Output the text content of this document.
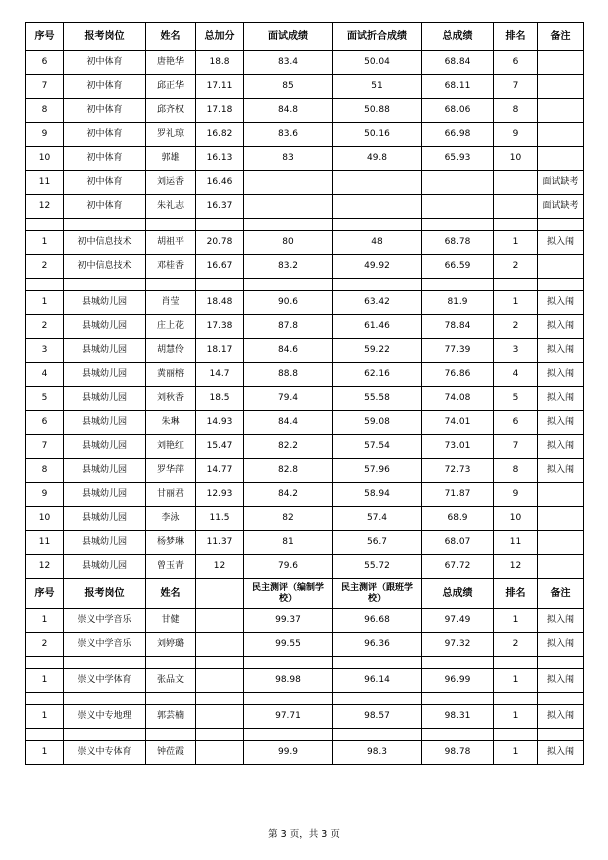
序号	报考岗位	姓名	总加分	面试成绩	面试折合成绩	总成绩	排名	备注
6	初中体育	唐艳华	18.8	83.4	50.04	68.84	6	
7	初中体育	邱正华	17.11	85	51	68.11	7	
8	初中体育	邱齐权	17.18	84.8	50.88	68.06	8	
9	初中体育	罗礼琼	16.82	83.6	50.16	66.98	9	
10	初中体育	郭雄	16.13	83	49.8	65.93	10	
11	初中体育	刘运香	16.46					面试缺考
12	初中体育	朱礼志	16.37					面试缺考

1	初中信息技术	胡祖平	20.78	80	48	68.78	1	拟入闱
2	初中信息技术	邓桂香	16.67	83.2	49.92	66.59	2	

1	县城幼儿园	肖莹	18.48	90.6	63.42	81.9	1	拟入闱
2	县城幼儿园	庄上花	17.38	87.8	61.46	78.84	2	拟入闱
3	县城幼儿园	胡慧伶	18.17	84.6	59.22	77.39	3	拟入闱
4	县城幼儿园	黄丽榕	14.7	88.8	62.16	76.86	4	拟入闱
5	县城幼儿园	刘秋香	18.5	79.4	55.58	74.08	5	拟入闱
6	县城幼儿园	朱琳	14.93	84.4	59.08	74.01	6	拟入闱
7	县城幼儿园	刘艳红	15.47	82.2	57.54	73.01	7	拟入闱
8	县城幼儿园	罗华萍	14.77	82.8	57.96	72.73	8	拟入闱
9	县城幼儿园	甘丽君	12.93	84.2	58.94	71.87	9	
10	县城幼儿园	李泳	11.5	82	57.4	68.9	10	
11	县城幼儿园	杨梦琳	11.37	81	56.7	68.07	11	
12	县城幼儿园	曾玉青	12	79.6	55.72	67.72	12	
序号	报考岗位	姓名		民主测评（编制学校）	民主测评（跟班学校）	总成绩	排名	备注
1	崇义中学音乐	甘健		99.37	96.68	97.49	1	拟入闱
2	崇义中学音乐	刘婷璐		99.55	96.36	97.32	2	拟入闱

1	崇义中学体育	张品文		98.98	96.14	96.99	1	拟入闱

1	崇义中专地理	郭芸楠		97.71	98.57	98.31	1	拟入闱

1	崇义中专体育	钟莅霞		99.9	98.3	98.78	1	拟入闱
第 3 页，共 3 页
